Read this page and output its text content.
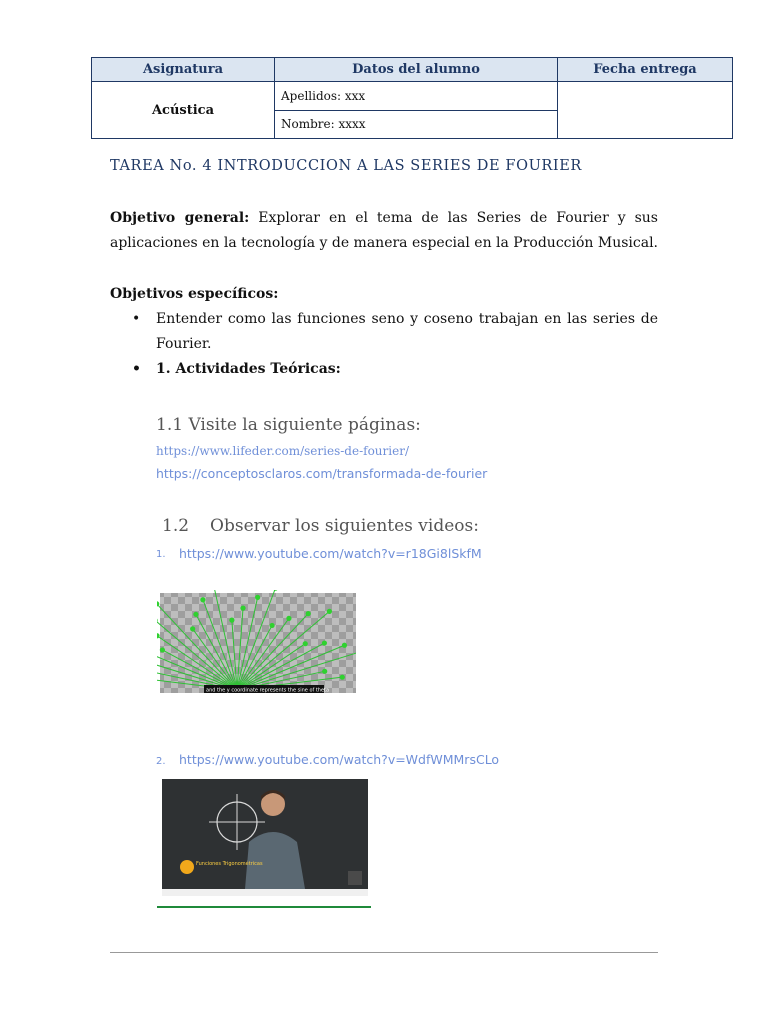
Asignatura	Datos del alumno	Fecha entrega
Acústica	Apellidos: xxx	
	Nombre: xxxx	
TAREA No. 4 INTRODUCCION A LAS SERIES DE FOURIER

Objetivo general: Explorar en el tema de las Series de Fourier y sus aplicaciones en la tecnología y de manera especial en la Producción Musical.

Objetivos específicos:

• Entender como las funciones seno y coseno trabajan en las series de Fourier.
• 1. Actividades Teóricas:
1.1 Visite la siguiente páginas:
https://www.lifeder.com/series-de-fourier/
https://conceptosclaros.com/transformada-de-fourier
1.2 Observar los siguientes videos:
1. https://www.youtube.com/watch?v=r18Gi8lSkfM
and the y coordinate represents the sine of theta
2. https://www.youtube.com/watch?v=WdfWMMrsCLo
Funciones Trigonométricas
